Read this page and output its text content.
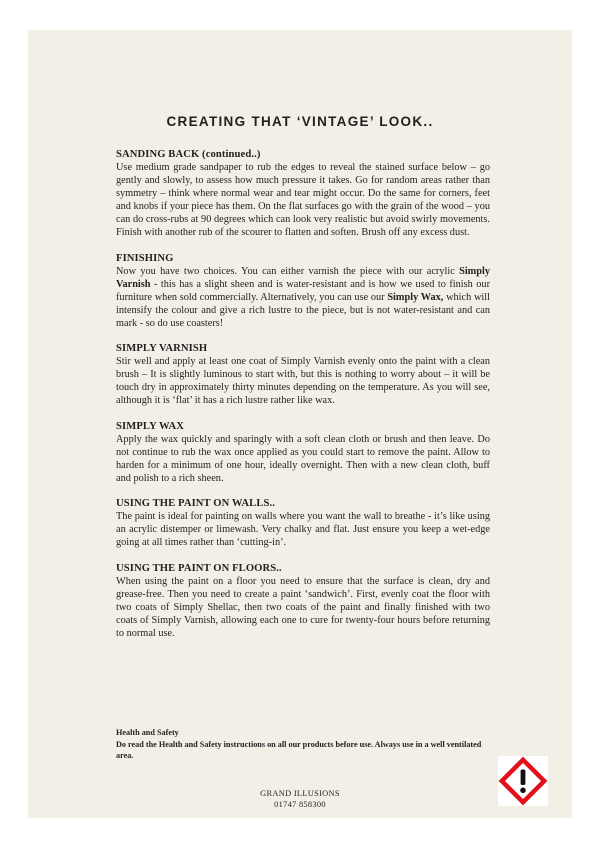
CREATING THAT ‘VINTAGE’ LOOK..
SANDING BACK (continued..)

Use medium grade sandpaper to rub the edges to reveal the stained surface below – go gently and slowly, to assess how much pressure it takes. Go for random areas rather than symmetry – think where normal wear and tear might occur. Do the same for corners, feet and knobs if your piece has them. On the flat surfaces go with the grain of the wood – you can do cross-rubs at 90 degrees which can look very realistic but avoid swirly movements. Finish with another rub of the scourer to flatten and soften. Brush off any excess dust.

FINISHING

Now you have two choices. You can either varnish the piece with our acrylic Simply Varnish - this has a slight sheen and is water-resistant and is how we used to finish our furniture when sold commercially. Alternatively, you can use our Simply Wax, which will intensify the colour and give a rich lustre to the piece, but is not water-resistant and can mark - so do use coasters!

SIMPLY VARNISH

Stir well and apply at least one coat of Simply Varnish evenly onto the paint with a clean brush – It is slightly luminous to start with, but this is nothing to worry about – it will be touch dry in approximately thirty minutes depending on the temperature. As you will see, although it is ‘flat’ it has a rich lustre rather like wax.

SIMPLY WAX

Apply the wax quickly and sparingly with a soft clean cloth or brush and then leave. Do not continue to rub the wax once applied as you could start to remove the paint. Allow to harden for a minimum of one hour, ideally overnight. Then with a new clean cloth, buff and polish to a rich sheen.

USING THE PAINT ON WALLS..

The paint is ideal for painting on walls where you want the wall to breathe - it’s like using an acrylic distemper or limewash. Very chalky and flat. Just ensure you keep a wet-edge going at all times rather than ‘cutting-in’.

USING THE PAINT ON FLOORS..

When using the paint on a floor you need to ensure that the surface is clean, dry and grease-free. Then you need to create a paint ‘sandwich’. First, evenly coat the floor with two coats of Simply Shellac, then two coats of the paint and finally finished with two coats of Simply Varnish, allowing each one to cure for twenty-four hours before returning to normal use.

Health and Safety

Do read the Health and Safety instructions on all our products before use. Always use in a well ventilated area.

GRAND ILLUSIONS
01747 858300
